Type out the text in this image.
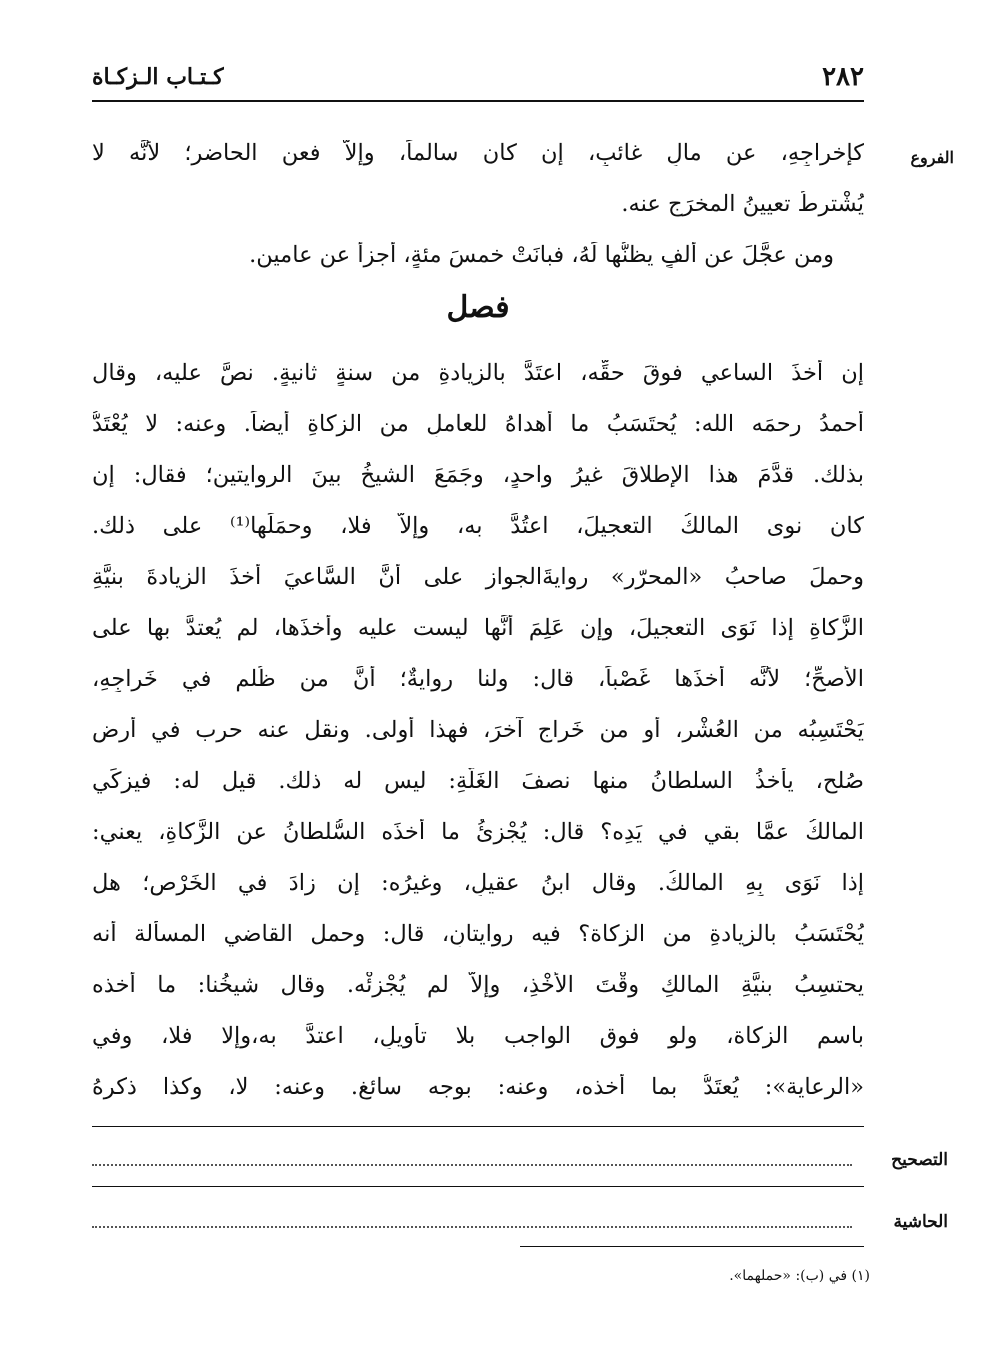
٢٨٢
كـتـاب الـزكـاة
الفروع
كإخراجِهِ، عن مالٍ غائبٍ، إن كان سالماً، وإلاَّ فعنِ الحاضرِ؛ لأنَّه لا
يُشْترطُ تعيينُ المخرَجِ عنه.
ومن عجَّلَ عن ألفٍ يظنُّها لَهُ، فبانَتْ خمسَ مئةٍ، أجزأَ عن عامينِ.
فصل
إن أخذَ الساعي فوقَ حقِّه، اعتَدَّ بالزيادةِ من سنةٍ ثانيةٍ. نصَّ عليه، وقال
أحمدُ رحمَه الله: يُحتَسَبُ ما أهداهُ للعاملِ من الزكاةِ أيضاً. وعنه: لا يُعْتَدُّ
بذلك. قدَّمَ هذا الإطلاقَ غيرُ واحدٍ، وجَمَعَ الشيخُ بينَ الروايتينِ؛ فقال: إن
كان نوى المالكُ التعجيلَ، اعتُدَّ به، وإلاَّ فلا، وحمَلَها⁽¹⁾ على ذلك.
وحملَ صاحبُ «المحرّرِ» روايةَالجوازِ على أنَّ السَّاعيَ أخذَ الزيادةَ بنيَّةِ
الزَّكاةِ إذا نَوَى التعجيلَ، وإن عَلِمَ أنَّها ليست عليه وأخذَها، لم يُعتدَّ بها على
الأصحِّ؛ لأنَّه أخذَها غَصْباً، قال: ولنا روايةٌ؛ أنَّ من ظُلم في خَراجِهِ،
يَحْتَسِبُه من العُشْرِ، أو من خَراجٍ آخرَ، فهذا أولى. ونقل عنه حرب في أرضِ
صُلحٍ، يأخذُ السلطانُ منها نصفَ الغَلَّةِ: ليس له ذلك. قيل له: فيزكِّي
المالكُ عمَّا بقي في يَدِه؟ قال: يُجْزِئُ ما أخذَه السُّلطانُ عن الزَّكاةِ، يعني:
إذا نَوَى بِهِ المالكُ. وقال ابنُ عقيلٍ، وغيرُه: إن زادَ في الخَرْصِ؛ هل
يُحْتَسَبُ بالزيادةِ من الزكاة؟ فيه روايتانِ، قال: وحمل القاضي المسألة أنه
يحتسِبُ بنيَّةِ المالكِ وقْتَ الأخْذِ، وإلاَّ لم يُجْزِئْه. وقال شيخُنا: ما أخذه
باسم الزكاة، ولو فوق الواجب بلا تأويلٍ، اعتدَّ به،وإلا فلا، وفي
«الرعاية»: يُعتَدُّ بما أخذه، وعنه: بوجه سائغٍ. وعنه: لا، وكذا ذكرهُ
التصحيح
الحاشية
(١) في (ب): «حملهما».
